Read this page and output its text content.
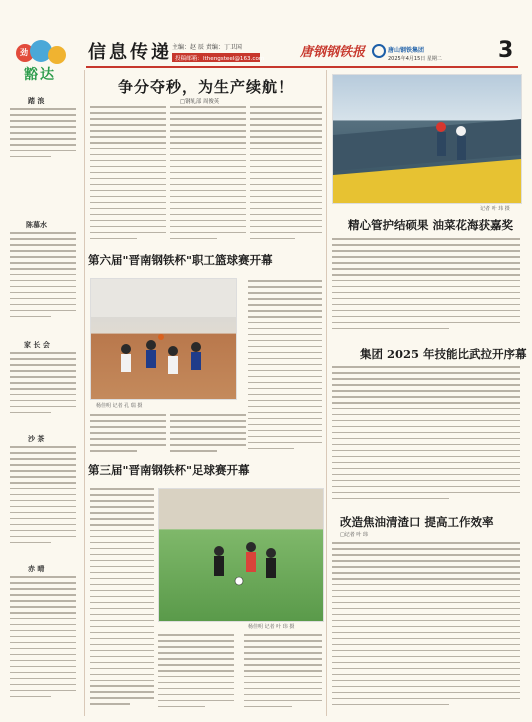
信息传递 主编：赵 辰 责编：丁卫国
投稿邮箱：lthengsteel@163.com	唐钢钢铁报	唐山钢铁集团
2025年4月15日 星期二	3
劲
豁达
踏 浪
陈慕水
家 长 会
沙 茶
赤 晴
争分夺秒，为生产续航！
□钢轧部 周俊英
第六届"晋南钢铁杯"职工篮球赛开幕
杨佳明 记者 孔 瑞 摄
第三届"晋南钢铁杯"足球赛开幕
杨佳明 记者 叶 玮 摄
记者 叶 玮 摄
精心管护结硕果 油菜花海获嘉奖
集团 2025 年技能比武拉开序幕
改造焦油清渣口 提高工作效率
□记者 叶 玮
